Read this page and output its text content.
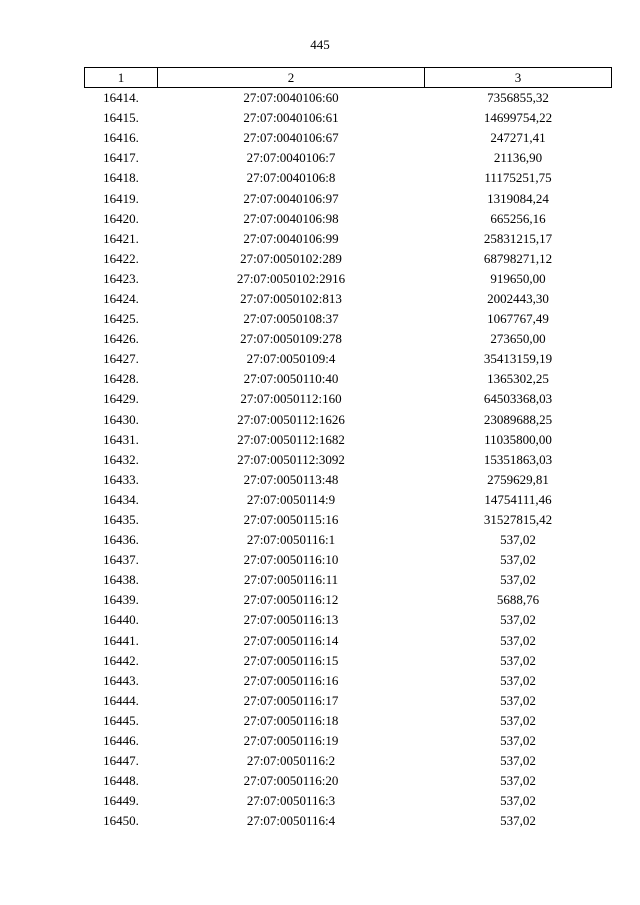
445
1	2	3
16414.	27:07:0040106:60	7356855,32
16415.	27:07:0040106:61	14699754,22
16416.	27:07:0040106:67	247271,41
16417.	27:07:0040106:7	21136,90
16418.	27:07:0040106:8	11175251,75
16419.	27:07:0040106:97	1319084,24
16420.	27:07:0040106:98	665256,16
16421.	27:07:0040106:99	25831215,17
16422.	27:07:0050102:289	68798271,12
16423.	27:07:0050102:2916	919650,00
16424.	27:07:0050102:813	2002443,30
16425.	27:07:0050108:37	1067767,49
16426.	27:07:0050109:278	273650,00
16427.	27:07:0050109:4	35413159,19
16428.	27:07:0050110:40	1365302,25
16429.	27:07:0050112:160	64503368,03
16430.	27:07:0050112:1626	23089688,25
16431.	27:07:0050112:1682	11035800,00
16432.	27:07:0050112:3092	15351863,03
16433.	27:07:0050113:48	2759629,81
16434.	27:07:0050114:9	14754111,46
16435.	27:07:0050115:16	31527815,42
16436.	27:07:0050116:1	537,02
16437.	27:07:0050116:10	537,02
16438.	27:07:0050116:11	537,02
16439.	27:07:0050116:12	5688,76
16440.	27:07:0050116:13	537,02
16441.	27:07:0050116:14	537,02
16442.	27:07:0050116:15	537,02
16443.	27:07:0050116:16	537,02
16444.	27:07:0050116:17	537,02
16445.	27:07:0050116:18	537,02
16446.	27:07:0050116:19	537,02
16447.	27:07:0050116:2	537,02
16448.	27:07:0050116:20	537,02
16449.	27:07:0050116:3	537,02
16450.	27:07:0050116:4	537,02
